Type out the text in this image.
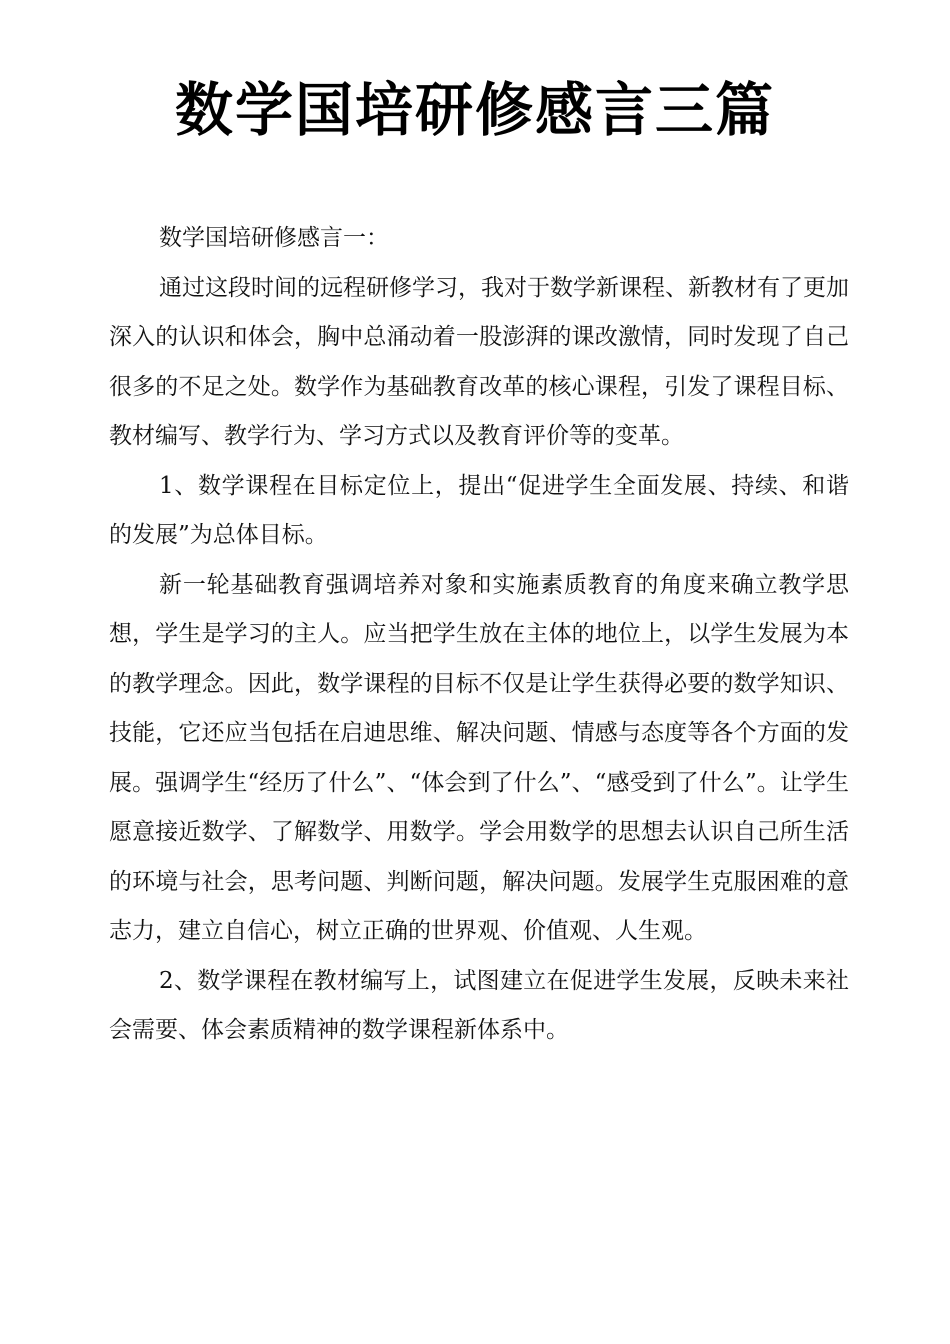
数学国培研修感言三篇

数学国培研修感言一：

通过这段时间的远程研修学习，我对于数学新课程、新教材有了更加深入的认识和体会，胸中总涌动着一股澎湃的课改激情，同时发现了自己很多的不足之处。数学作为基础教育改革的核心课程，引发了课程目标、教材编写、教学行为、学习方式以及教育评价等的变革。

1、数学课程在目标定位上，提出“促进学生全面发展、持续、和谐的发展”为总体目标。

新一轮基础教育强调培养对象和实施素质教育的角度来确立教学思想，学生是学习的主人。应当把学生放在主体的地位上，以学生发展为本的教学理念。因此，数学课程的目标不仅是让学生获得必要的数学知识、技能，它还应当包括在启迪思维、解决问题、情感与态度等各个方面的发展。强调学生“经历了什么”、“体会到了什么”、“感受到了什么”。让学生愿意接近数学、了解数学、用数学。学会用数学的思想去认识自己所生活的环境与社会，思考问题、判断问题，解决问题。发展学生克服困难的意志力，建立自信心，树立正确的世界观、价值观、人生观。

2、数学课程在教材编写上，试图建立在促进学生发展，反映未来社会需要、体会素质精神的数学课程新体系中。
